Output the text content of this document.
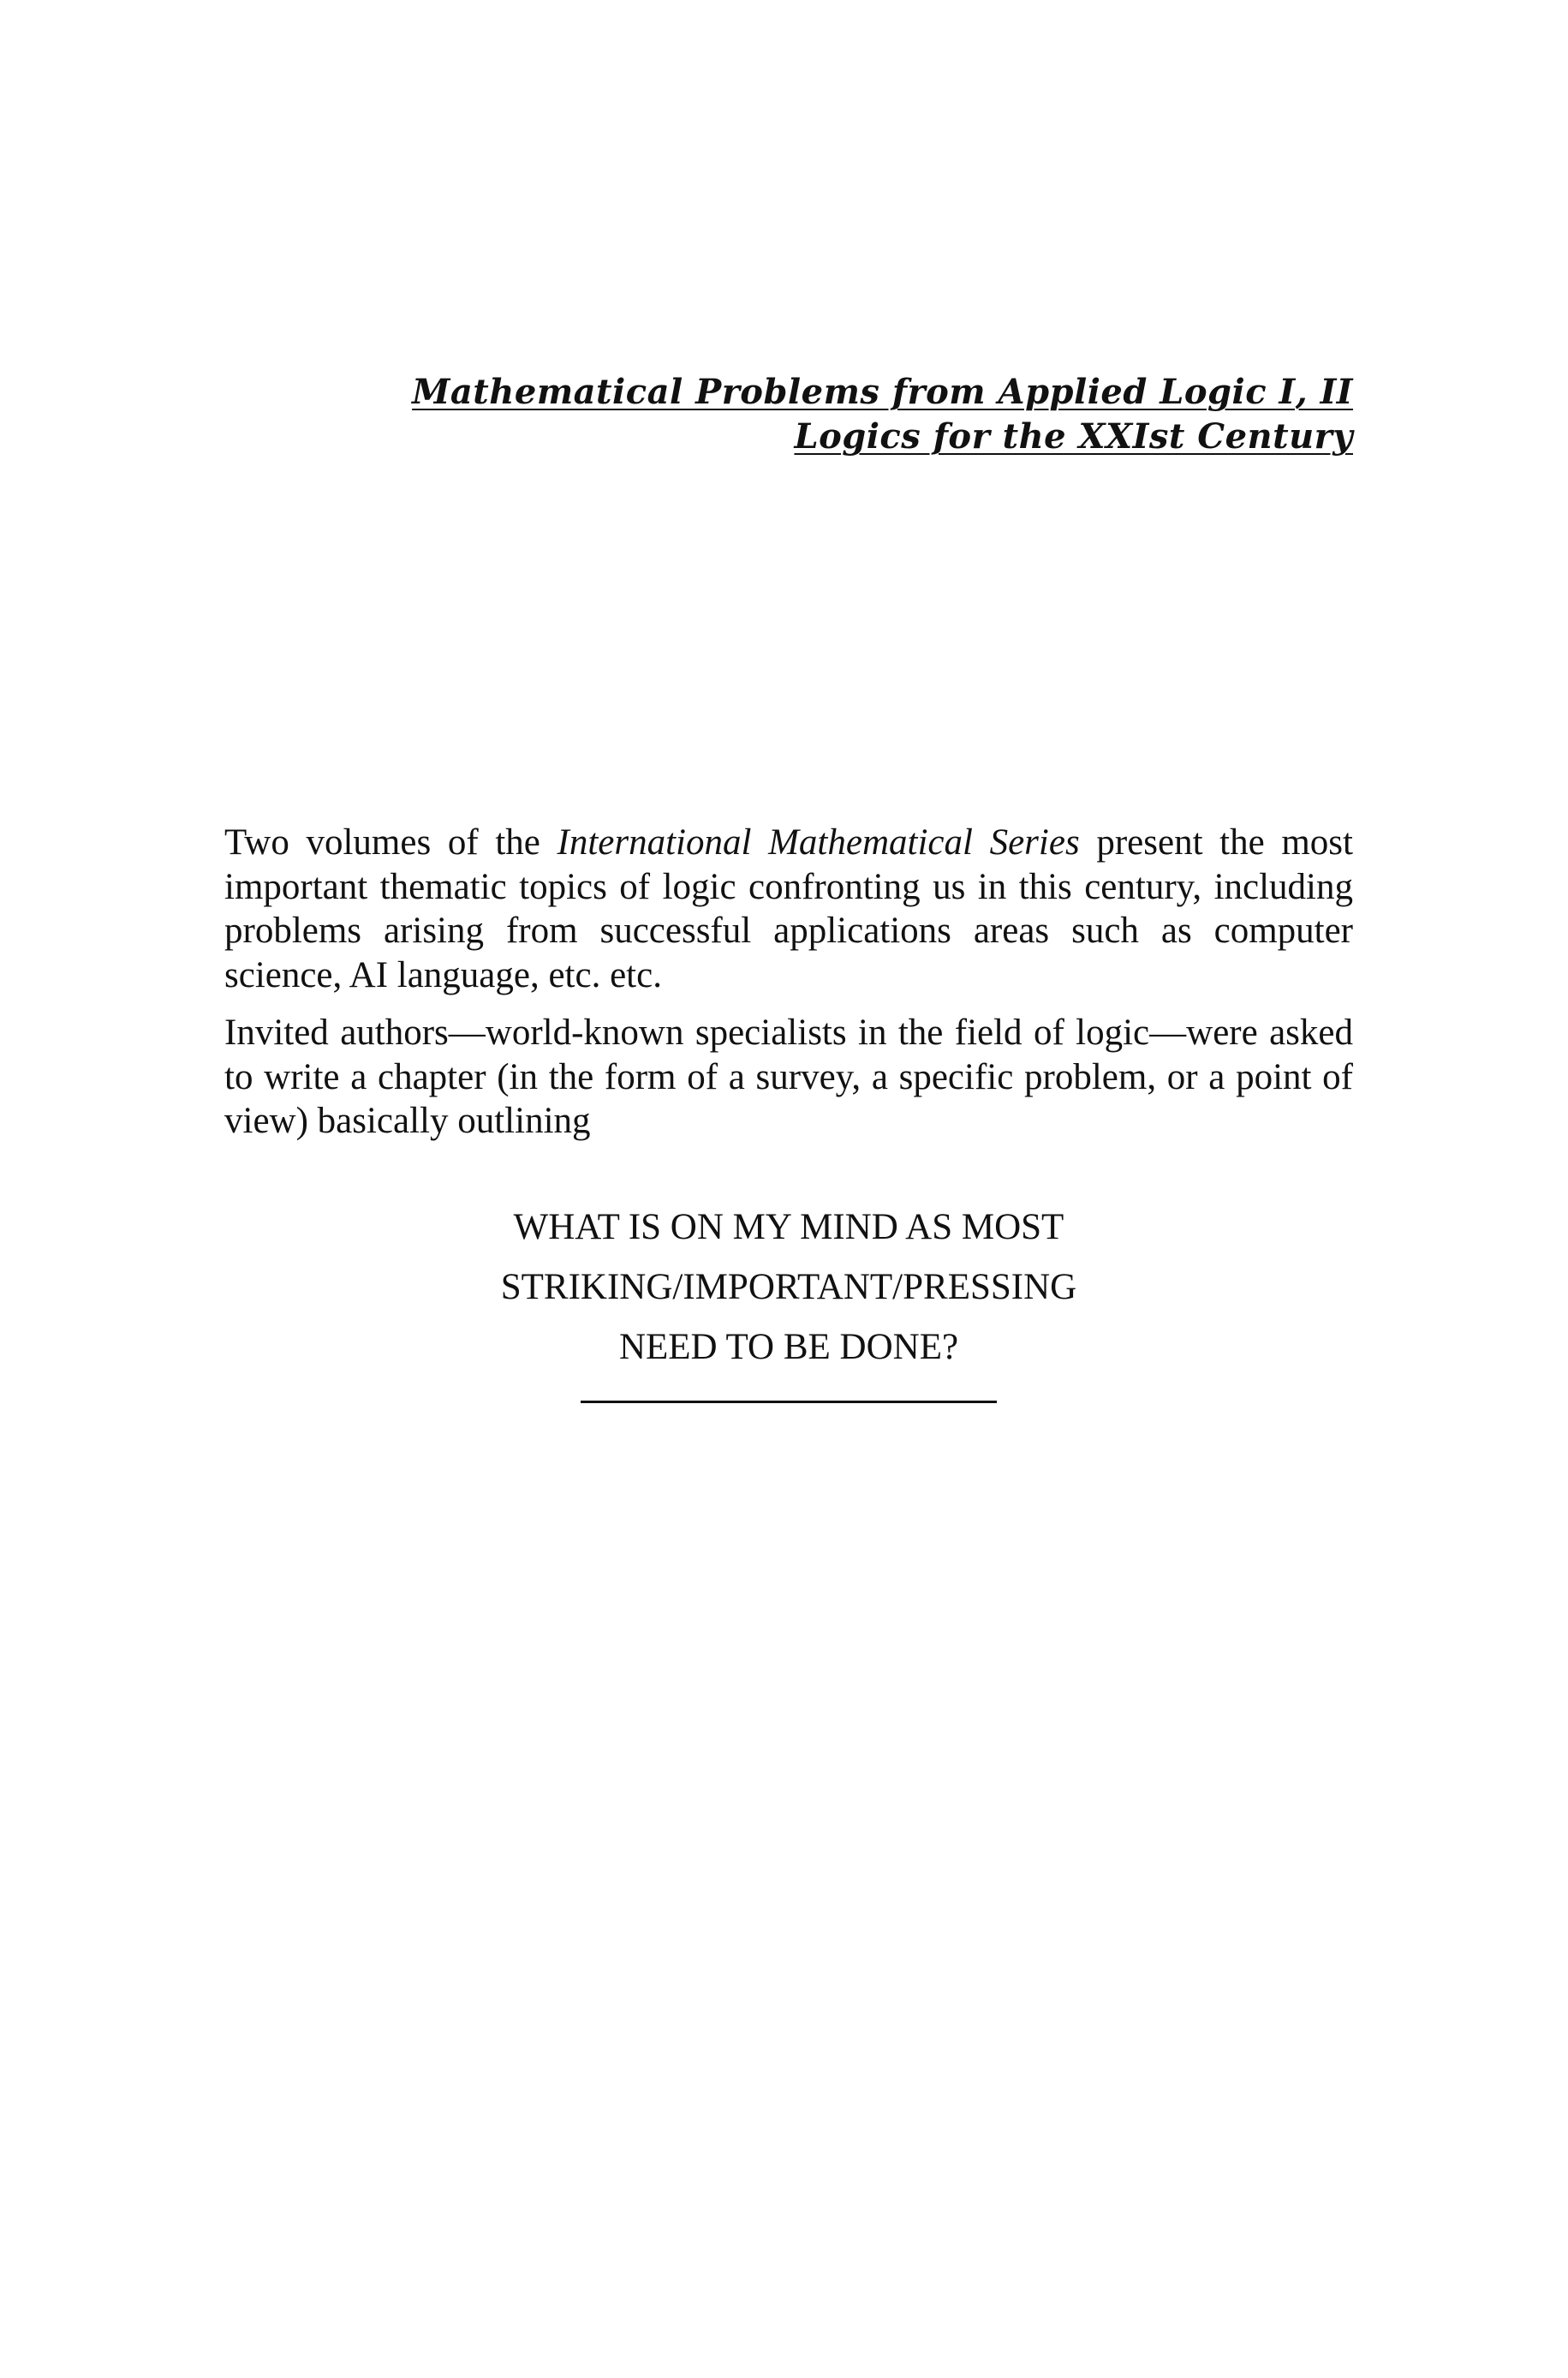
Mathematical Problems from Applied Logic I, II
Logics for the XXIst Century

Two volumes of the International Mathematical Series present the most important thematic topics of logic confronting us in this century, including problems arising from successful applications areas such as computer science, AI language, etc. etc.

Invited authors—world-known specialists in the field of logic—were asked to write a chapter (in the form of a survey, a specific problem, or a point of view) basically outlining

WHAT IS ON MY MIND AS MOST
STRIKING/IMPORTANT/PRESSING
NEED TO BE DONE?
